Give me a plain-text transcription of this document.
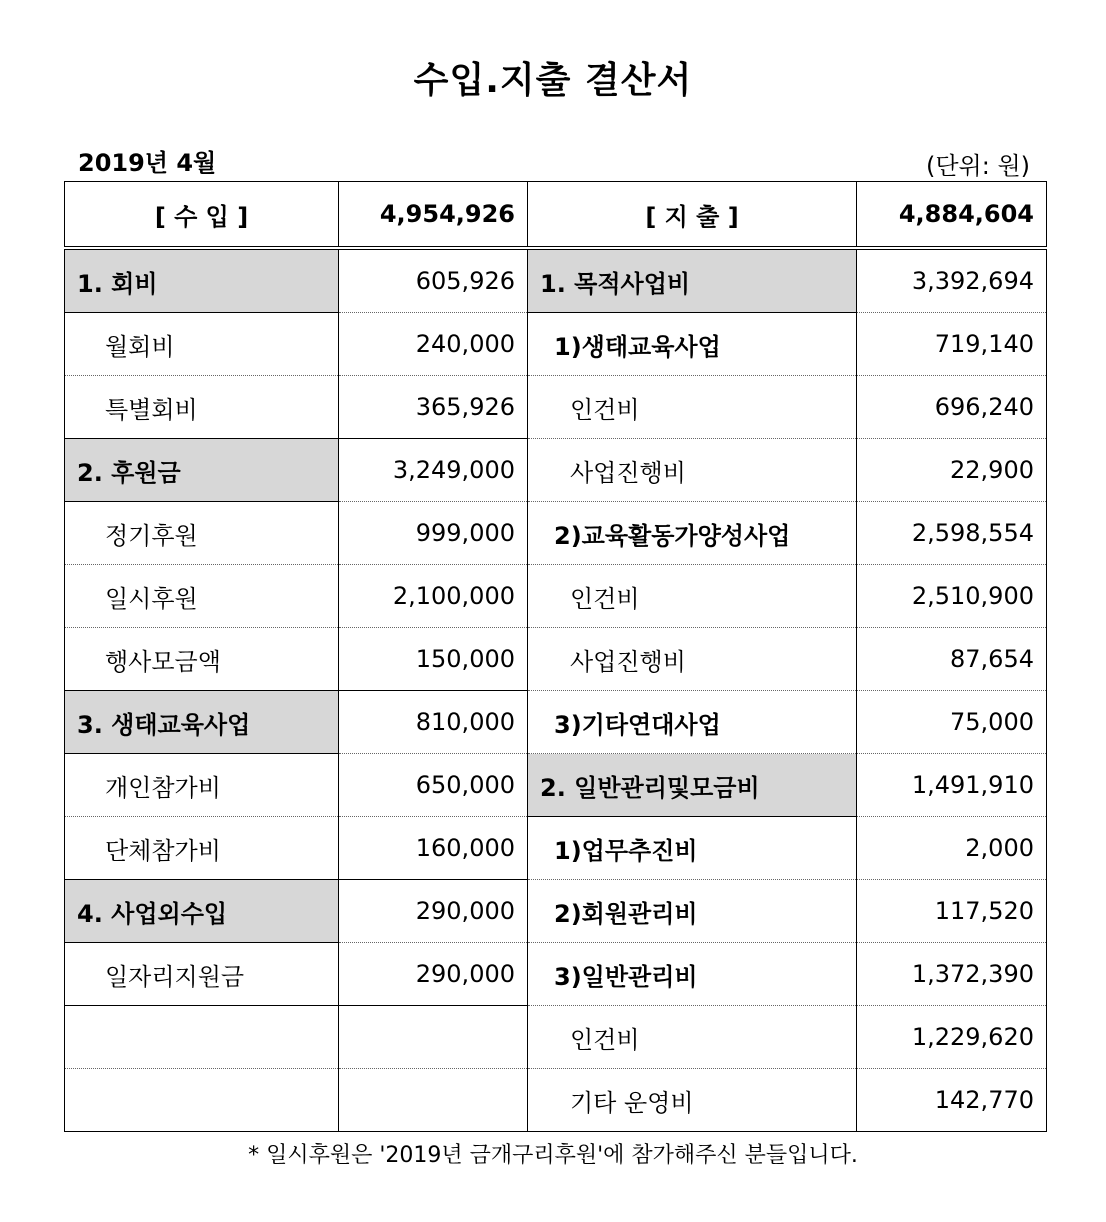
수입.지출 결산서
2019년 4월	(단위: 원)
[ 수 입 ]	4,954,926	[ 지 출 ]	4,884,604
1. 회비	605,926	1. 목적사업비	3,392,694
월회비	240,000	1)생태교육사업	719,140
특별회비	365,926	인건비	696,240
2. 후원금	3,249,000	사업진행비	22,900
정기후원	999,000	2)교육활동가양성사업	2,598,554
일시후원	2,100,000	인건비	2,510,900
행사모금액	150,000	사업진행비	87,654
3. 생태교육사업	810,000	3)기타연대사업	75,000
개인참가비	650,000	2. 일반관리및모금비	1,491,910
단체참가비	160,000	1)업무추진비	2,000
4. 사업외수입	290,000	2)회원관리비	117,520
일자리지원금	290,000	3)일반관리비	1,372,390
		인건비	1,229,620
		기타 운영비	142,770
* 일시후원은 '2019년 금개구리후원'에 참가해주신 분들입니다.
